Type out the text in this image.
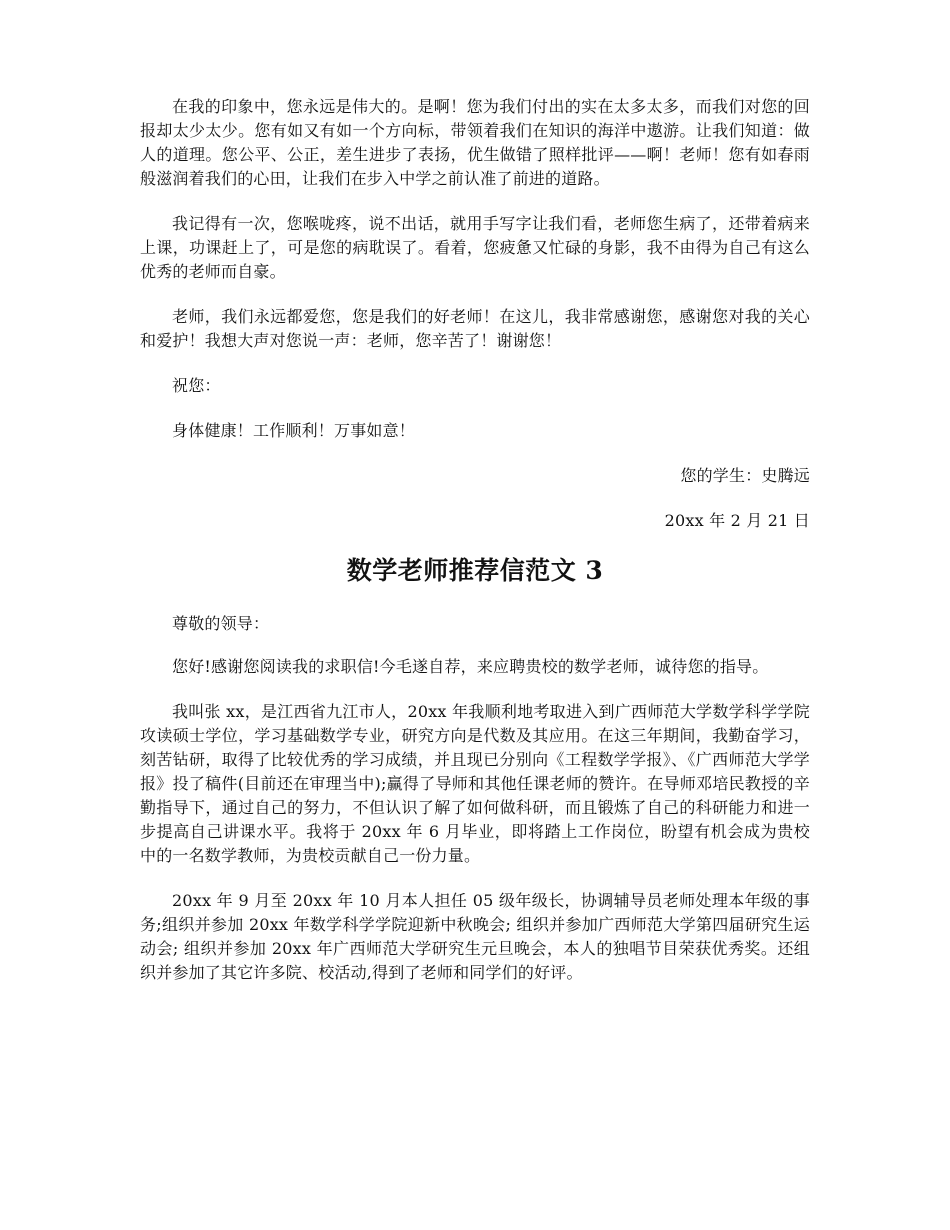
在我的印象中，您永远是伟大的。是啊！您为我们付出的实在太多太多，而我们对您的回报却太少太少。您有如又有如一个方向标，带领着我们在知识的海洋中遨游。让我们知道：做人的道理。您公平、公正，差生进步了表扬，优生做错了照样批评——啊！老师！您有如春雨般滋润着我们的心田，让我们在步入中学之前认准了前进的道路。

我记得有一次，您喉咙疼，说不出话，就用手写字让我们看，老师您生病了，还带着病来上课，功课赶上了，可是您的病耽误了。看着，您疲惫又忙碌的身影，我不由得为自己有这么优秀的老师而自豪。

老师，我们永远都爱您，您是我们的好老师！在这儿，我非常感谢您，感谢您对我的关心和爱护！我想大声对您说一声：老师，您辛苦了！谢谢您！

祝您：

身体健康！工作顺利！万事如意！

您的学生：史腾远

20xx 年 2 月 21 日

数学老师推荐信范文 3

尊敬的领导：

您好!感谢您阅读我的求职信!今毛遂自荐，来应聘贵校的数学老师，诚待您的指导。

我叫张 xx，是江西省九江市人，20xx 年我顺利地考取进入到广西师范大学数学科学学院攻读硕士学位，学习基础数学专业，研究方向是代数及其应用。在这三年期间，我勤奋学习，刻苦钻研，取得了比较优秀的学习成绩，并且现已分别向《工程数学学报》、《广西师范大学学报》投了稿件(目前还在审理当中);赢得了导师和其他任课老师的赞许。在导师邓培民教授的辛勤指导下，通过自己的努力，不但认识了解了如何做科研，而且锻炼了自己的科研能力和进一步提高自己讲课水平。我将于 20xx 年 6 月毕业，即将踏上工作岗位，盼望有机会成为贵校中的一名数学教师，为贵校贡献自己一份力量。

20xx 年 9 月至 20xx 年 10 月本人担任 05 级年级长，协调辅导员老师处理本年级的事务;组织并参加 20xx 年数学科学学院迎新中秋晚会; 组织并参加广西师范大学第四届研究生运动会; 组织并参加 20xx 年广西师范大学研究生元旦晚会，本人的独唱节目荣获优秀奖。还组织并参加了其它许多院、校活动,得到了老师和同学们的好评。
